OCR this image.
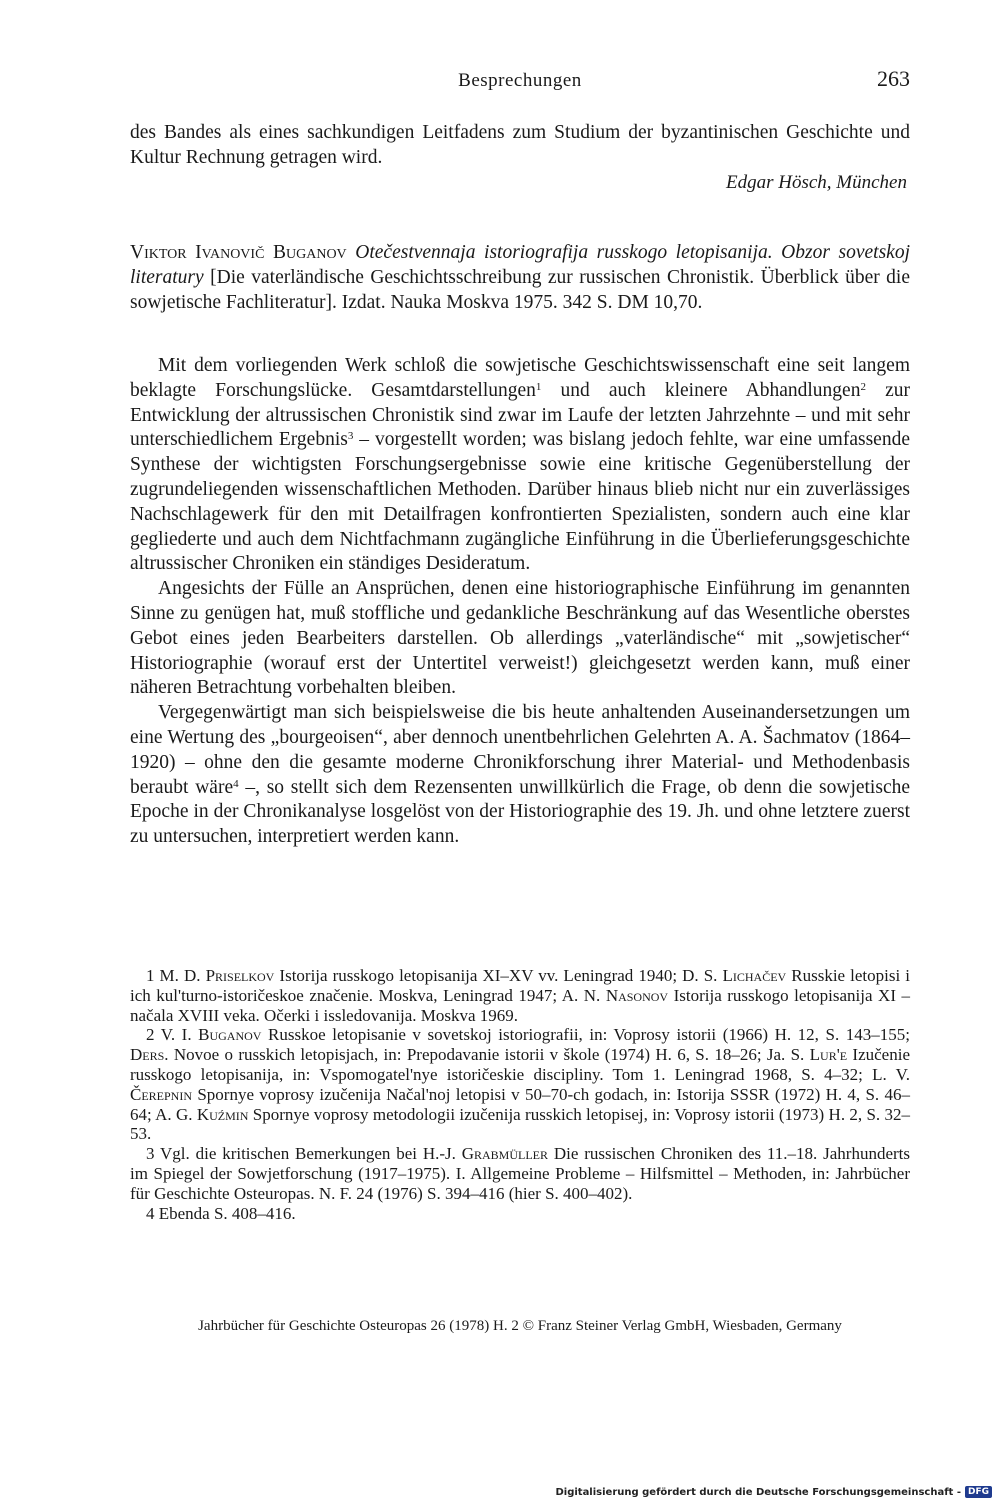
Besprechungen	263
des Bandes als eines sachkundigen Leitfadens zum Studium der byzantinischen Geschichte und Kultur Rechnung getragen wird.
Edgar Hösch, München
Viktor Ivanovič Buganov Otečestvennaja istoriografija russkogo letopisanija. Obzor sovetskoj literatury [Die vaterländische Geschichtsschreibung zur russischen Chronistik. Überblick über die sowjetische Fachliteratur]. Izdat. Nauka Moskva 1975. 342 S. DM 10,70.

Mit dem vorliegenden Werk schloß die sowjetische Geschichtswissenschaft eine seit langem beklagte Forschungslücke. Gesamtdarstellungen$^1$ und auch kleinere Abhandlungen$^2$ zur Entwicklung der altrussischen Chronistik sind zwar im Laufe der letzten Jahrzehnte – und mit sehr unterschiedlichem Ergebnis$^3$ – vorgestellt worden; was bislang jedoch fehlte, war eine umfassende Synthese der wichtigsten Forschungsergebnisse sowie eine kritische Gegenüberstellung der zugrundeliegenden wissenschaftlichen Methoden. Darüber hinaus blieb nicht nur ein zuverlässiges Nachschlagewerk für den mit Detailfragen konfrontierten Spezialisten, sondern auch eine klar gegliederte und auch dem Nichtfachmann zugängliche Einführung in die Überlieferungsgeschichte altrussischer Chroniken ein ständiges Desideratum.

Angesichts der Fülle an Ansprüchen, denen eine historiographische Einführung im genannten Sinne zu genügen hat, muß stoffliche und gedankliche Beschränkung auf das Wesentliche oberstes Gebot eines jeden Bearbeiters darstellen. Ob allerdings „vaterländische“ mit „sowjetischer“ Historiographie (worauf erst der Untertitel verweist!) gleichgesetzt werden kann, muß einer näheren Betrachtung vorbehalten bleiben.

Vergegenwärtigt man sich beispielsweise die bis heute anhaltenden Auseinandersetzungen um eine Wertung des „bourgeoisen“, aber dennoch unentbehrlichen Gelehrten A. A. Šachmatov (1864–1920) – ohne den die gesamte moderne Chronikforschung ihrer Material- und Methodenbasis beraubt wäre$^4$ –, so stellt sich dem Rezensenten unwillkürlich die Frage, ob denn die sowjetische Epoche in der Chronikanalyse losgelöst von der Historiographie des 19. Jh. und ohne letztere zuerst zu untersuchen, interpretiert werden kann.

1 M. D. Priselkov Istorija russkogo letopisanija XI–XV vv. Leningrad 1940; D. S. Lichačev Russkie letopisi i ich kul'turno-istoričeskoe značenie. Moskva, Leningrad 1947; A. N. Nasonov Istorija russkogo letopisanija XI – načala XVIII veka. Očerki i issledovanija. Moskva 1969.

2 V. I. Buganov Russkoe letopisanie v sovetskoj istoriografii, in: Voprosy istorii (1966) H. 12, S. 143–155; Ders. Novoe o russkich letopisjach, in: Prepodavanie istorii v škole (1974) H. 6, S. 18–26; Ja. S. Lur'e Izučenie russkogo letopisanija, in: Vspomogatel'nye istoričeskie discipliny. Tom 1. Leningrad 1968, S. 4–32; L. V. Čerepnin Spornye voprosy izučenija Načal'noj letopisi v 50–70-ch godach, in: Istorija SSSR (1972) H. 4, S. 46–64; A. G. Kuźmin Spornye voprosy metodologii izučenija russkich letopisej, in: Voprosy istorii (1973) H. 2, S. 32–53.

3 Vgl. die kritischen Bemerkungen bei H.-J. Grabmüller Die russischen Chroniken des 11.–18. Jahrhunderts im Spiegel der Sowjetforschung (1917–1975). I. Allgemeine Probleme – Hilfsmittel – Methoden, in: Jahrbücher für Geschichte Osteuropas. N. F. 24 (1976) S. 394–416 (hier S. 400–402).

4 Ebenda S. 408–416.

Jahrbücher für Geschichte Osteuropas 26 (1978) H. 2 © Franz Steiner Verlag GmbH, Wiesbaden, Germany
Digitalisierung gefördert durch die Deutsche Forschungsgemeinschaft - DFG
